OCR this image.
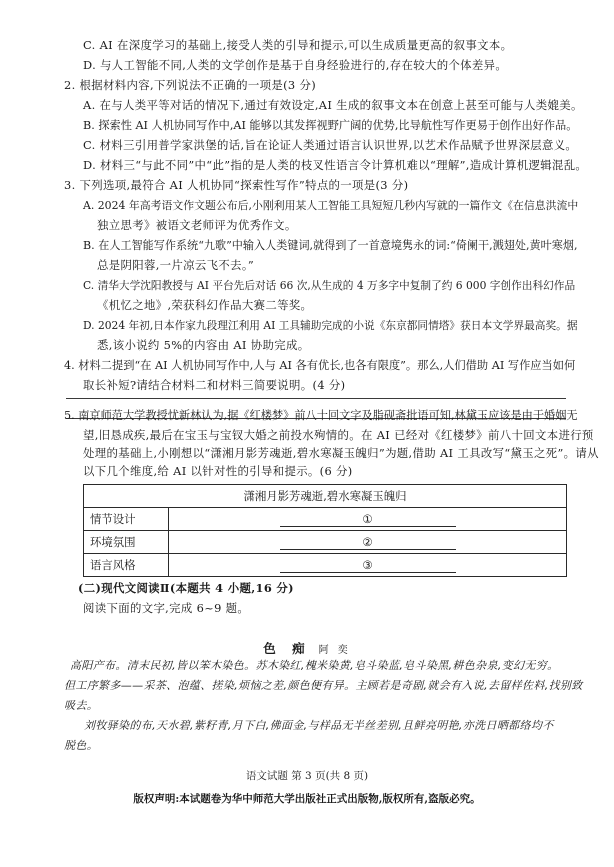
C. AI 在深度学习的基础上,接受人类的引导和提示,可以生成质量更高的叙事文本。
D. 与人工智能不同,人类的文学创作是基于自身经验进行的,存在较大的个体差异。
2. 根据材料内容,下列说法不正确的一项是(3 分)
A. 在与人类平等对话的情况下,通过有效设定,AI 生成的叙事文本在创意上甚至可能与人类媲美。
B. 探索性 AI 人机协同写作中,AI 能够以其发挥视野广阔的优势,比导航性写作更易于创作出好作品。
C. 材料三引用普学家洪堡的话,旨在论证人类通过语言认识世界,以艺术作品赋予世界深层意义。
D. 材料三“与此不同”中“此”指的是人类的枝叉性语言令计算机难以“理解”,造成计算机逻辑混乱。
3. 下列选项,最符合 AI 人机协同“探索性写作”特点的一项是(3 分)
A. 2024 年高考语文作文题公布后,小刚利用某人工智能工具短短几秒内写就的一篇作文《在信息洪流中
独立思考》被语文老师评为优秀作文。
B. 在人工智能写作系统“九歌”中输入人类键词,就得到了一首意境隽永的词:“倚阑干,溅翅处,黄叶寒烟,
总是阴阳蓉,一片凉云飞不去。”
C. 清华大学沈阳教授与 AI 平台先后对话 66 次,从生成的 4 万多字中复制了约 6 000 字创作出科幻作品
《机忆之地》,荣获科幻作品大赛二等奖。
D. 2024 年初,日本作家九段理江利用 AI 工具辅助完成的小说《东京都同情塔》获日本文学界最高奖。据
悉,该小说约 5%的内容由 AI 协助完成。
4. 材料二提到“在 AI 人机协同写作中,人与 AI 各有优长,也各有限度”。那么,人们借助 AI 写作应当如何
取长补短?请结合材料二和材料三简要说明。(4 分)
5. 南京师范大学教授忧新林认为,据《红楼梦》前八十回文字及脂砚斋批语可知,林黛玉应该是由于婚姻无
望,旧恳成疾,最后在宝玉与宝钗大婚之前投水殉情的。在 AI 已经对《红楼梦》前八十回文本进行预
处理的基础上,小刚想以“潇湘月影芳魂逝,碧水寒凝玉魄归”为题,借助 AI 工具改写“黛玉之死”。请从
潇湘月影芳魂逝,碧水寒凝玉魄归	
情节设计	①
环境氛围	②
语言风格	③
以下几个维度,给 AI 以针对性的引导和提示。(6 分)
(二)现代文阅读Ⅱ(本题共 4 小题,16 分)
阅读下面的文字,完成 6~9 题。
色 痴 阿 奕
高阳产布。清末民初,皆以笨木染色。苏木染红,槐米染黄,皂斗染蓝,皂斗染黑,耕色杂泉,变幻无穷。
但工序繁多——采茶、泡蕴、搓染,烦恼之差,颜色便有异。主顾若是奇剧,就会有入说,去留样佐料,找别致
吸去。
刘牧驿染的布,天水碧,紫籽青,月下白,佛面金,与样品无半丝差别,且鲜亮明艳,亦洗日晒都络均不
脱色。
语文试题 第 3 页(共 8 页)
版权声明:本试题卷为华中师范大学出版社正式出版物,版权所有,盗版必究。
